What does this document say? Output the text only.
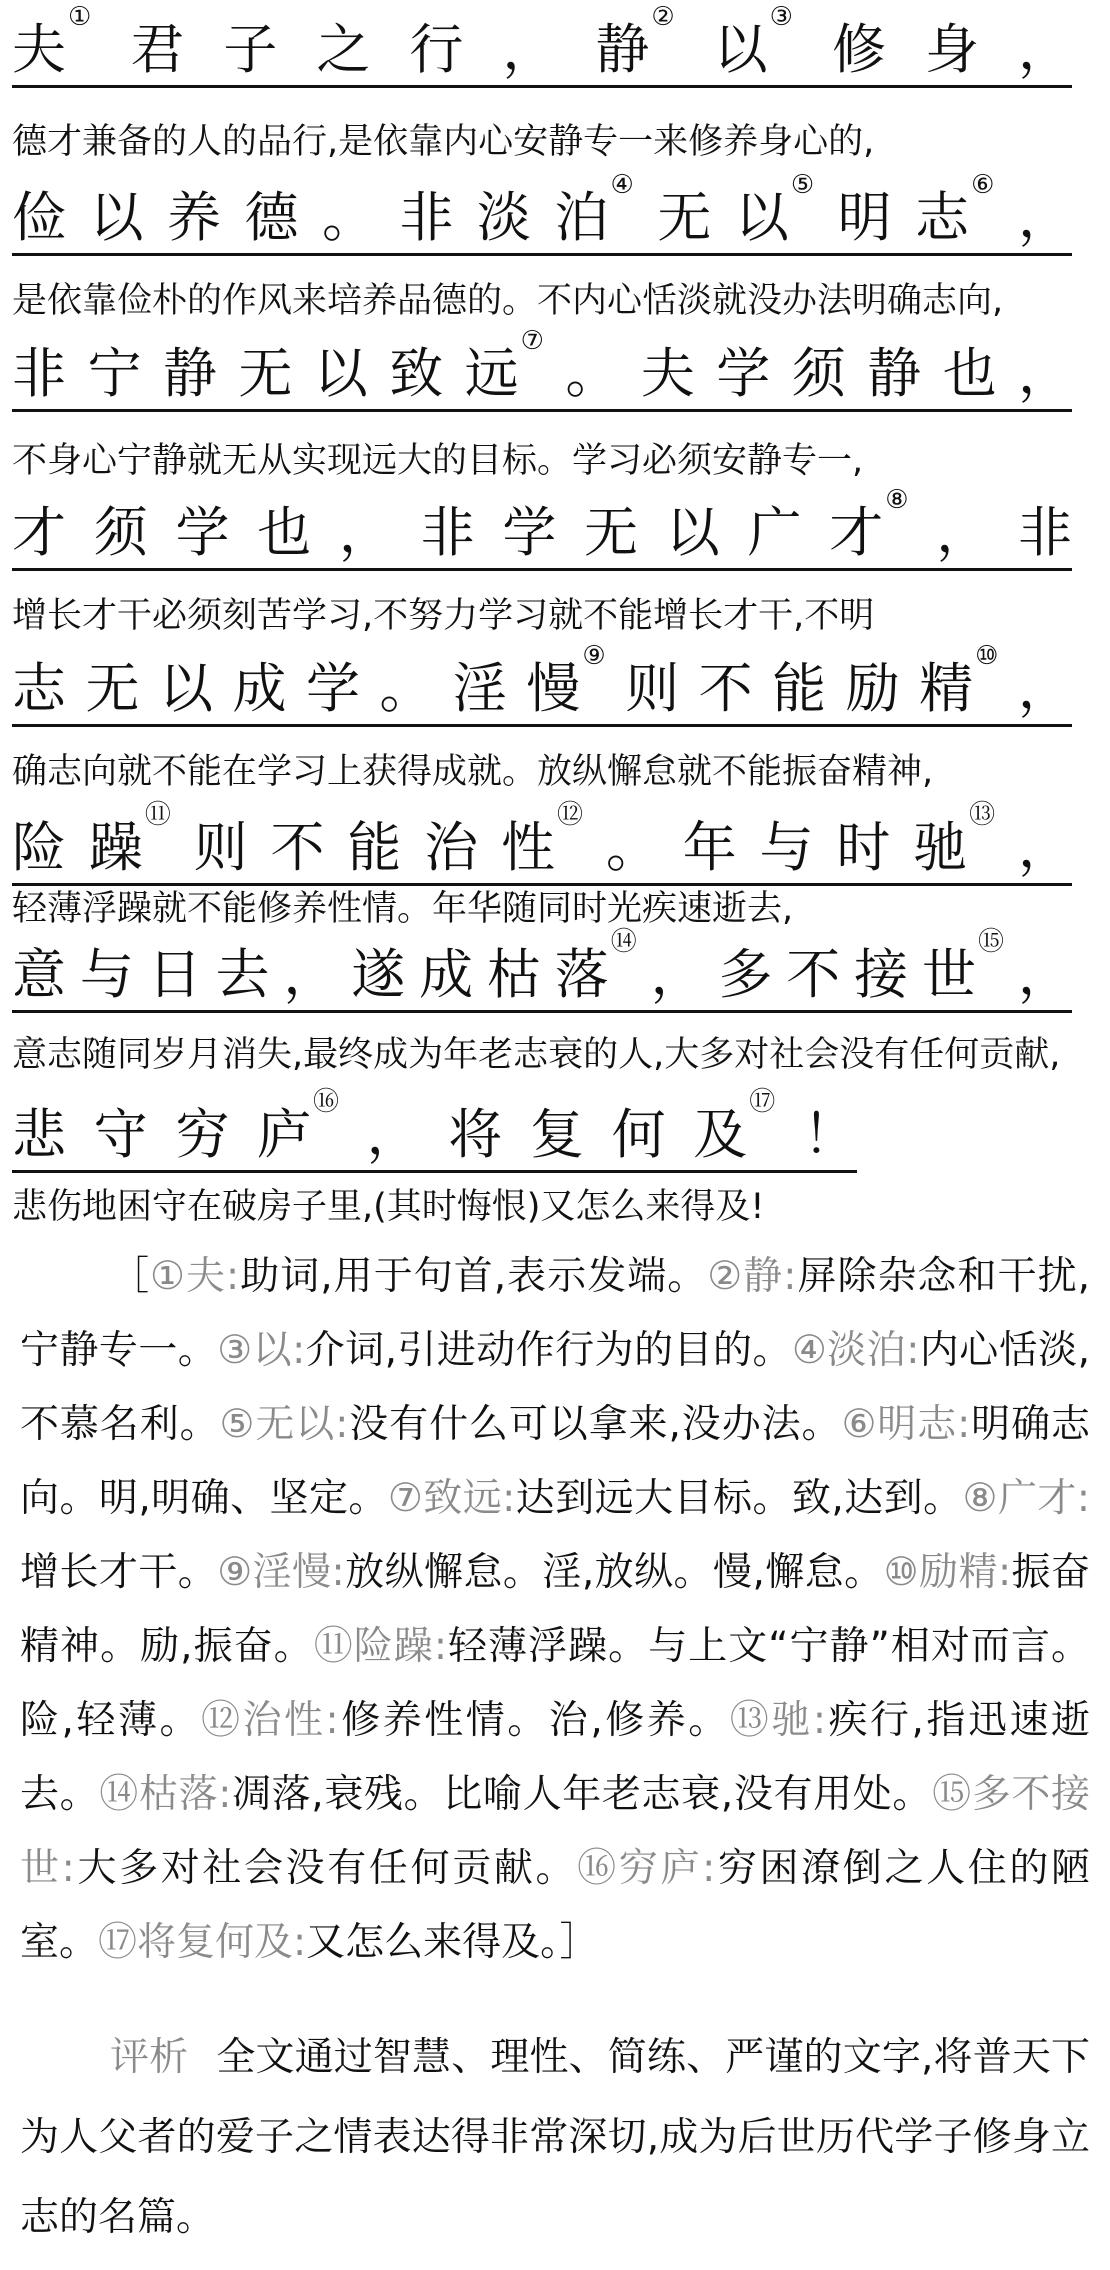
夫①
君 子 之 行 ， 静②
以③
修 身 ，
德才兼备的人的品行,是依靠内心安静专一来修养身心的,
俭 以 养 德 。 非 淡 泊④
无 以⑤
明 志⑥
，
是依靠俭朴的作风来培养品德的。不内心恬淡就没办法明确志向,
非 宁 静 无 以 致 远⑦
。 夫 学 须 静 也 ，
不身心宁静就无从实现远大的目标。学习必须安静专一,
才 须 学 也 ， 非 学 无 以 广 才⑧
， 非
增长才干必须刻苦学习,不努力学习就不能增长才干,不明
志 无 以 成 学 。 淫 慢⑨
则 不 能 励 精⑩
，
确志向就不能在学习上获得成就。放纵懈怠就不能振奋精神,
险 躁⑪
则 不 能 治 性⑫
。 年 与 时 驰⑬
，
轻薄浮躁就不能修养性情。年华随同时光疾速逝去,
意 与 日 去 ， 遂 成 枯 落⑭
， 多 不 接 世⑮
，
意志随同岁月消失,最终成为年老志衰的人,大多对社会没有任何贡献,
悲 守 穷 庐⑯
， 将 复 何 及⑰
！
悲伤地困守在破房子里,(其时悔恨)又怎么来得及!
［①夫:助词,用于句首,表示发端。②静:屏除杂念和干扰,宁静专一。③以:介词,引进动作行为的目的。④淡泊:内心恬淡,不慕名利。⑤无以:没有什么可以拿来,没办法。⑥明志:明确志向。明,明确、坚定。⑦致远:达到远大目标。致,达到。⑧广才:增长才干。⑨淫慢:放纵懈怠。淫,放纵。慢,懈怠。⑩励精:振奋精神。励,振奋。⑪险躁:轻薄浮躁。与上文“宁静”相对而言。险,轻薄。⑫治性:修养性情。治,修养。⑬驰:疾行,指迅速逝去。⑭枯落:凋落,衰残。比喻人年老志衰,没有用处。⑮多不接世:大多对社会没有任何贡献。⑯穷庐:穷困潦倒之人住的陋室。⑰将复何及:又怎么来得及。］
评析 全文通过智慧、理性、简练、严谨的文字,将普天下为人父者的爱子之情表达得非常深切,成为后世历代学子修身立志的名篇。
